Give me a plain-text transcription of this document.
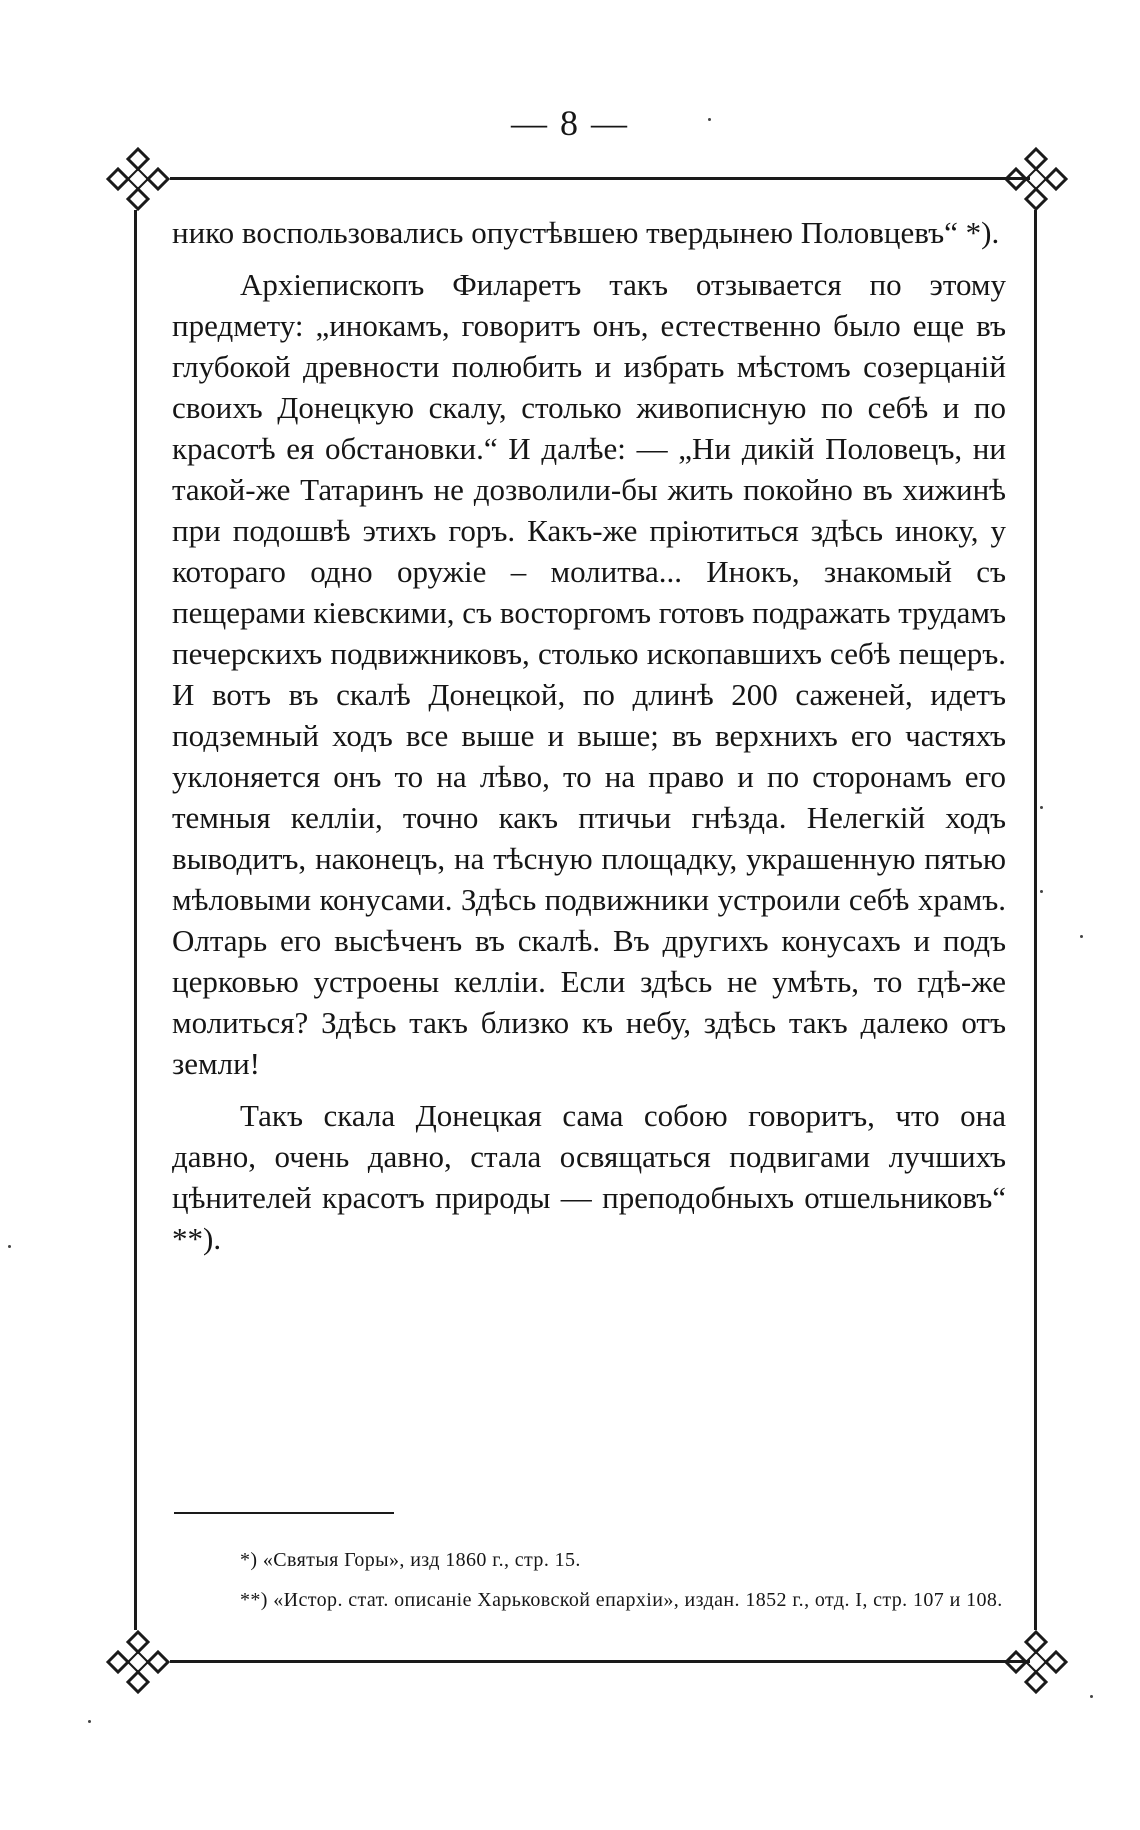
— 8 —

нико воспользовались опустѣвшею твердынею Половцевъ“ *).

Архіепископъ Филаретъ такъ отзывается по этому предмету: „инокамъ, говоритъ онъ, естественно было еще въ глубокой древности полюбить и избрать мѣстомъ созерцаній своихъ Донецкую скалу, столько живописную по себѣ и по красотѣ ея обстановки.“ И далѣе: — „Ни дикій Половецъ, ни такой-же Татаринъ не дозволили-бы жить покойно въ хижинѣ при подошвѣ этихъ горъ. Какъ-же пріютиться здѣсь иноку, у котораго одно оружіе – молитва... Инокъ, знакомый съ пещерами кіевскими, съ восторгомъ готовъ подражать трудамъ печерскихъ подвижниковъ, столько ископавшихъ себѣ пещеръ. И вотъ въ скалѣ Донецкой, по длинѣ 200 саженей, идетъ подземный ходъ все выше и выше; въ верхнихъ его частяхъ уклоняется онъ то на лѣво, то на право и по сторонамъ его темныя келліи, точно какъ птичьи гнѣзда. Нелегкій ходъ выводитъ, наконецъ, на тѣсную площадку, украшенную пятью мѣловыми конусами. Здѣсь подвижники устроили себѣ храмъ. Олтарь его высѣченъ въ скалѣ. Въ другихъ конусахъ и подъ церковью устроены келліи. Если здѣсь не умѣть, то гдѣ-же молиться? Здѣсь такъ близко къ небу, здѣсь такъ далеко отъ земли!

Такъ скала Донецкая сама собою говоритъ, что она давно, очень давно, стала освящаться подвигами лучшихъ цѣнителей красотъ природы — преподобныхъ отшельниковъ“ **).

*) «Святыя Горы», изд 1860 г., стр. 15.

**) «Истор. стат. описаніе Харьковской епархіи», издан. 1852 г., отд. I, стр. 107 и 108.
